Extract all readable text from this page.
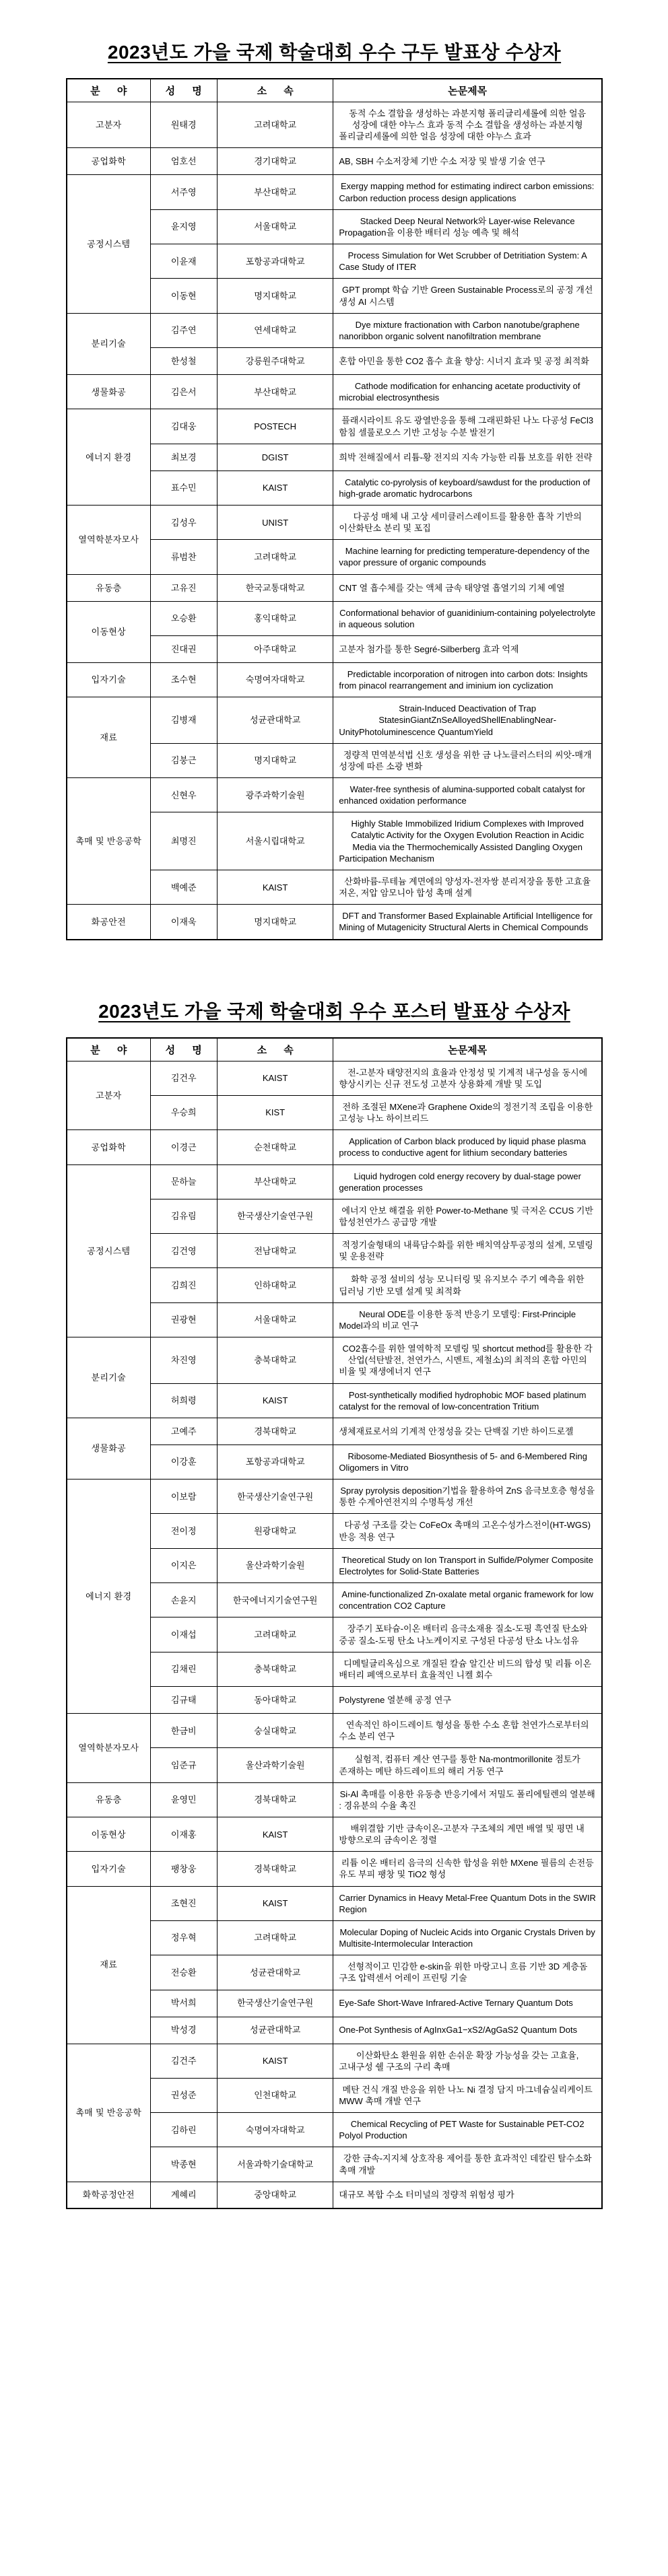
2023년도 가을 국제 학술대회 우수 구두 발표상 수상자
분 야	성 명	소 속	논문제목
고분자	원태경	고려대학교	동적 수소 결합을 생성하는 과분지형 폴리글리세롤에 의한 얼음 성장에 대한 야누스 효과 동적 수소 결합을 생성하는 과분지형 폴리글리세롤에 의한 얼음 성장에 대한 야누스 효과
공업화학	엄호선	경기대학교	AB, SBH 수소저장체 기반 수소 저장 및 발생 기술 연구
공정시스템	서주영	부산대학교	Exergy mapping method for estimating indirect carbon emissions: Carbon reduction process design applications
	윤지영	서울대학교	Stacked Deep Neural Network와 Layer-wise Relevance Propagation을 이용한 배터리 성능 예측 및 해석
	이윤재	포항공과대학교	Process Simulation for Wet Scrubber of Detritiation System: A Case Study of ITER
	이동현	명지대학교	GPT prompt 학습 기반 Green Sustainable Process로의 공정 개선 생성 AI 시스템
분리기술	김주연	연세대학교	Dye mixture fractionation with Carbon nanotube/graphene nanoribbon organic solvent nanofiltration membrane
	한성철	강릉원주대학교	혼합 아민을 통한 CO2 흡수 효율 향상: 시너지 효과 및 공정 최적화
생물화공	김은서	부산대학교	Cathode modification for enhancing acetate productivity of microbial electrosynthesis
에너지 환경	김대웅	POSTECH	플래시라이트 유도 광열반응을 통해 그래핀화된 나노 다공성 FeCl3 함침 셀룰로오스 기반 고성능 수분 발전기
	최보경	DGIST	희박 전해질에서 리튬-황 전지의 지속 가능한 리튬 보호를 위한 전략
	표수민	KAIST	Catalytic co-pyrolysis of keyboard/sawdust for the production of high-grade aromatic hydrocarbons
열역학분자모사	김성우	UNIST	다공성 매체 내 고상 세미클러스레이트를 활용한 흡착 기반의 이산화탄소 분리 및 포집
	류범찬	고려대학교	Machine learning for predicting temperature-dependency of the vapor pressure of organic compounds
유동층	고유진	한국교통대학교	CNT 열 흡수체를 갖는 액체 금속 태양열 흡열기의 기체 예열
이동현상	오승환	홍익대학교	Conformational behavior of guanidinium-containing polyelectrolyte in aqueous solution
	진대권	아주대학교	고분자 첨가를 통한 Segré-Silberberg 효과 억제
입자기술	조수현	숙명여자대학교	Predictable incorporation of nitrogen into carbon dots: Insights from pinacol rearrangement and iminium ion cyclization
재료	김병재	성균관대학교	Strain-Induced Deactivation of Trap StatesinGiantZnSeAlloyedShellEnablingNear-UnityPhotoluminescence QuantumYield
	김붕근	명지대학교	정량적 면역분석법 신호 생성을 위한 금 나노클러스터의 씨앗-매개 성장에 따른 소광 변화
촉매 및 반응공학	신현우	광주과학기술원	Water-free synthesis of alumina-supported cobalt catalyst for enhanced oxidation performance
	최명진	서울시립대학교	Highly Stable Immobilized Iridium Complexes with Improved Catalytic Activity for the Oxygen Evolution Reaction in Acidic Media via the Thermochemically Assisted Dangling Oxygen Participation Mechanism
	백예준	KAIST	산화바륨-루테늄 계면에의 양성자-전자쌍 분리저장을 통한 고효율 저온, 저압 암모니아 합성 촉매 설계
화공안전	이재욱	명지대학교	DFT and Transformer Based Explainable Artificial Intelligence for Mining of Mutagenicity Structural Alerts in Chemical Compounds
2023년도 가을 국제 학술대회 우수 포스터 발표상 수상자
분 야	성 명	소 속	논문제목
고분자	김건우	KAIST	전-고분자 태양전지의 효율과 안정성 및 기계적 내구성을 동시에 향상시키는 신규 전도성 고분자 상용화제 개발 및 도입
	우승희	KIST	전하 조절된 MXene과 Graphene Oxide의 정전기적 조립을 이용한 고성능 나노 하이브리드
공업화학	이경근	순천대학교	Application of Carbon black produced by liquid phase plasma process to conductive agent for lithium secondary batteries
공정시스템	문하늘	부산대학교	Liquid hydrogen cold energy recovery by dual-stage power generation processes
	김유림	한국생산기술연구원	에너지 안보 해결을 위한 Power-to-Methane 및 극저온 CCUS 기반 합성천연가스 공급망 개발
	김건영	전남대학교	적정기술형태의 내륙담수화를 위한 배치역삼투공정의 설계, 모델링 및 운용전략
	김희진	인하대학교	화학 공정 설비의 성능 모니터링 및 유지보수 주기 예측을 위한 딥러닝 기반 모델 설계 및 최적화
	권광현	서울대학교	Neural ODE를 이용한 동적 반응기 모델링: First-Principle Model과의 비교 연구
분리기술	차진영	충북대학교	CO2흡수를 위한 열역학적 모델링 및 shortcut method를 활용한 각 산업(석탄발전, 천연가스, 시멘트, 제철소)의 최적의 혼합 아민의 비율 및 재생에너지 연구
	허희령	KAIST	Post-synthetically modified hydrophobic MOF based platinum catalyst for the removal of low-concentration Tritium
생물화공	고예주	경북대학교	생체재료로서의 기계적 안정성을 갖는 단백질 기반 하이드로젤
	이강훈	포항공과대학교	Ribosome-Mediated Biosynthesis of 5- and 6-Membered Ring Oligomers in Vitro
에너지 환경	이보람	한국생산기술연구원	Spray pyrolysis deposition기법을 활용하여 ZnS 음극보호층 형성을 통한 수계아연전지의 수명특성 개선
	전이정	원광대학교	다공성 구조를 갖는 CoFeOx 촉매의 고온수성가스전이(HT-WGS)반응 적용 연구
	이지은	울산과학기술원	Theoretical Study on Ion Transport in Sulfide/Polymer Composite Electrolytes for Solid-State Batteries
	손윤지	한국에너지기술연구원	Amine-functionalized Zn-oxalate metal organic framework for low concentration CO2 Capture
	이재섭	고려대학교	장주기 포타슘-이온 배터리 음극소재용 질소-도핑 흑연질 탄소와 중공 질소-도핑 탄소 나노케이지로 구성된 다공성 탄소 나노섬유
	김채린	충북대학교	디메틸글리옥심으로 개질된 칼슘 알긴산 비드의 합성 및 리튬 이온 배터리 폐액으로부터 효율적인 니켈 회수
	김규태	동아대학교	Polystyrene 열분해 공정 연구
열역학분자모사	한금비	숭실대학교	연속적인 하이드레이트 형성을 통한 수소 혼합 천연가스로부터의 수소 분리 연구
	임준규	울산과학기술원	실험적, 컴퓨터 계산 연구를 통한 Na-montmorillonite 점토가 존재하는 메탄 하드레이트의 해리 거동 연구
유동층	윤영민	경북대학교	Si-Al 촉매를 이용한 유동층 반응기에서 저밀도 폴리에틸렌의 열분해 : 경유분의 수율 촉진
이동현상	이재홍	KAIST	배위결합 기반 금속이온-고분자 구조체의 계면 배열 및 평면 내 방향으로의 금속이온 정렬
입자기술	팽창웅	경북대학교	리튬 이온 배터리 음극의 신속한 합성을 위한 MXene 필름의 손전등 유도 부피 팽창 및 TiO2 형성
재료	조현진	KAIST	Carrier Dynamics in Heavy Metal-Free Quantum Dots in the SWIR Region
	정우혁	고려대학교	Molecular Doping of Nucleic Acids into Organic Crystals Driven by Multisite-Intermolecular Interaction
	전승환	성균관대학교	선형적이고 민감한 e-skin을 위한 마랑고니 흐름 기반 3D 계층돔 구조 압력센서 어레이 프린팅 기술
	박서희	한국생산기술연구원	Eye-Safe Short-Wave Infrared-Active Ternary Quantum Dots
	박성경	성균관대학교	One-Pot Synthesis of AgInxGa1−xS2/AgGaS2 Quantum Dots
촉매 및 반응공학	김건주	KAIST	이산화탄소 환원을 위한 손쉬운 확장 가능성을 갖는 고효율, 고내구성 쉘 구조의 구리 촉매
	권성준	인천대학교	메탄 건식 개질 반응을 위한 나노 Ni 결정 담지 마그네슘실리케이트 MWW 촉매 개발 연구
	김하린	숙명여자대학교	Chemical Recycling of PET Waste for Sustainable PET-CO2 Polyol Production
	박종현	서울과학기술대학교	강한 금속-지지체 상호작용 제어를 통한 효과적인 데칼린 탈수소화 촉매 개발
화학공정안전	계혜리	중앙대학교	대규모 복합 수소 터미널의 정량적 위험성 평가
